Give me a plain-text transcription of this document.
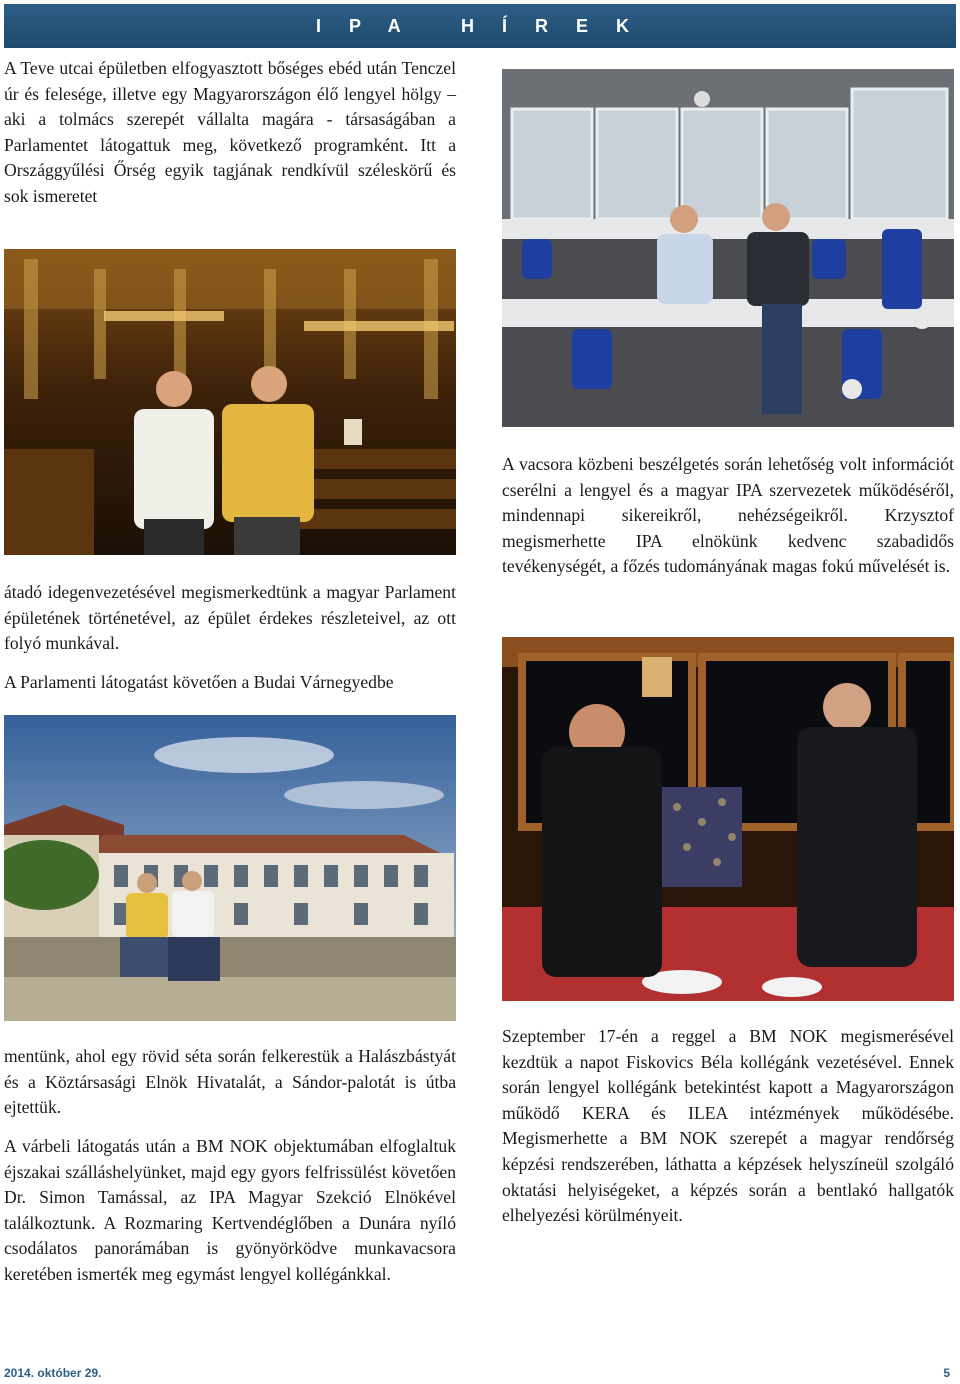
IPA HÍREK

A Teve utcai épületben elfogyasztott bőséges ebéd után Tenczel úr és felesége, illetve egy Magyarországon élő lengyel hölgy – aki a tolmács szerepét vállalta magára - társaságában a Parlamentet látogattuk meg, következő programként. Itt a Országgyűlési Őrség egyik tagjának rendkívül széleskörű és sok ismeretet

átadó idegenvezetésével megismerkedtünk a magyar Parlament épületének történetével, az épület érdekes részleteivel, az ott folyó munkával.

A Parlamenti látogatást követően a Budai Várnegyedbe

mentünk, ahol egy rövid séta során felkerestük a Halászbástyát és a Köztársasági Elnök Hivatalát, a Sándor-palotát is útba ejtettük.

A várbeli látogatás után a BM NOK objektumában elfoglaltuk éjszakai szálláshelyünket, majd egy gyors felfrissülést követően Dr. Simon Tamással, az IPA Magyar Szekció Elnökével találkoztunk. A Rozmaring Kertvendéglőben a Dunára nyíló csodálatos panorámában is gyönyörködve munkavacsora keretében ismerték meg egymást lengyel kollégánkkal.

A vacsora közbeni beszélgetés során lehetőség volt információt cserélni a lengyel és a magyar IPA szervezetek működéséről, mindennapi sikereikről, nehézségeikről. Krzysztof megismerhette IPA elnökünk kedvenc szabadidős tevékenységét, a főzés tudományának magas fokú művelését is.

Szeptember 17-én a reggel a BM NOK megismerésével kezdtük a napot Fiskovics Béla kollégánk vezetésével. Ennek során lengyel kollégánk betekintést kapott a Magyarországon működő KERA és ILEA intézmények működésébe. Megismerhette a BM NOK szerepét a magyar rendőrség képzési rendszerében, láthatta a képzések helyszíneül szolgáló oktatási helyiségeket, a képzés során a bentlakó hallgatók elhelyezési körülményeit.

2014. október 29.	5
